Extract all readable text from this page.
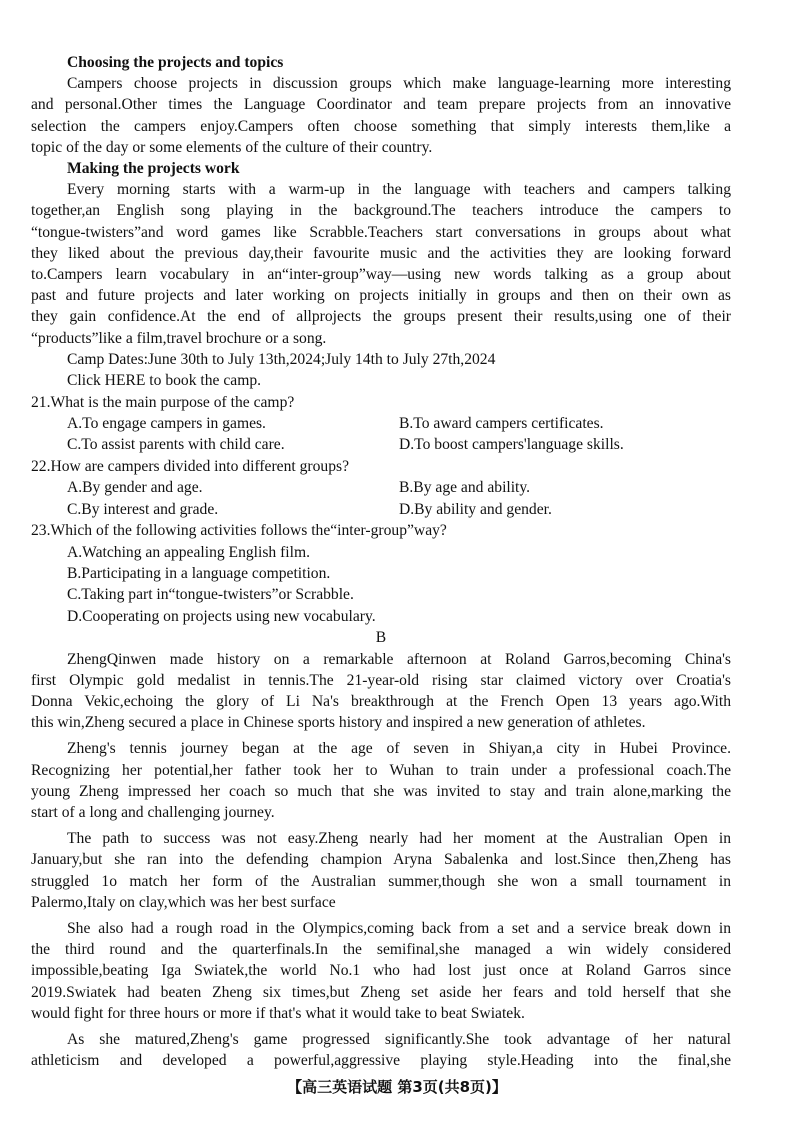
Choosing the projects and topics
Campers choose projects in discussion groups which make language-learning more interesting
and personal.Other times the Language Coordinator and team prepare projects from an innovative
selection the campers enjoy.Campers often choose something that simply interests them,like a
topic of the day or some elements of the culture of their country.
Making the projects work
Every morning starts with a warm-up in the language with teachers and campers talking
together,an English song playing in the background.The teachers introduce the campers to
“tongue-twisters”and word games like Scrabble.Teachers start conversations in groups about what
they liked about the previous day,their favourite music and the activities they are looking forward
to.Campers learn vocabulary in an“inter-group”way—using new words talking as a group about
past and future projects and later working on projects initially in groups and then on their own as
they gain confidence.At the end of allprojects the groups present their results,using one of their
“products”like a film,travel brochure or a song.
Camp Dates:June 30th to July 13th,2024;July 14th to July 27th,2024
Click HERE to book the camp.
21.What is the main purpose of the camp?
A.To engage campers in games.	B.To award campers certificates.
C.To assist parents with child care.	D.To boost campers'language skills.
22.How are campers divided into different groups?
A.By gender and age.	B.By age and ability.
C.By interest and grade.	D.By ability and gender.
23.Which of the following activities follows the“inter-group”way?
A.Watching an appealing English film.
B.Participating in a language competition.
C.Taking part in“tongue-twisters”or Scrabble.
D.Cooperating on projects using new vocabulary.
B
ZhengQinwen made history on a remarkable afternoon at Roland Garros,becoming China's
first Olympic gold medalist in tennis.The 21-year-old rising star claimed victory over Croatia's
Donna Vekic,echoing the glory of Li Na's breakthrough at the French Open 13 years ago.With
this win,Zheng secured a place in Chinese sports history and inspired a new generation of athletes.
Zheng's tennis journey began at the age of seven in Shiyan,a city in Hubei Province.
Recognizing her potential,her father took her to Wuhan to train under a professional coach.The
young Zheng impressed her coach so much that she was invited to stay and train alone,marking the
start of a long and challenging journey.
The path to success was not easy.Zheng nearly had her moment at the Australian Open in
January,but she ran into the defending champion Aryna Sabalenka and lost.Since then,Zheng has
struggled 1o match her form of the Australian summer,though she won a small tournament in
Palermo,Italy on clay,which was her best surface
She also had a rough road in the Olympics,coming back from a set and a service break down in
the third round and the quarterfinals.In the semifinal,she managed a win widely considered
impossible,beating Iga Swiatek,the world No.1 who had lost just once at Roland Garros since
2019.Swiatek had beaten Zheng six times,but Zheng set aside her fears and told herself that she
would fight for three hours or more if that's what it would take to beat Swiatek.
As she matured,Zheng's game progressed significantly.She took advantage of her natural
athleticism and developed a powerful,aggressive playing style.Heading into the final,she
【高三英语试题 第3页(共8页)】
